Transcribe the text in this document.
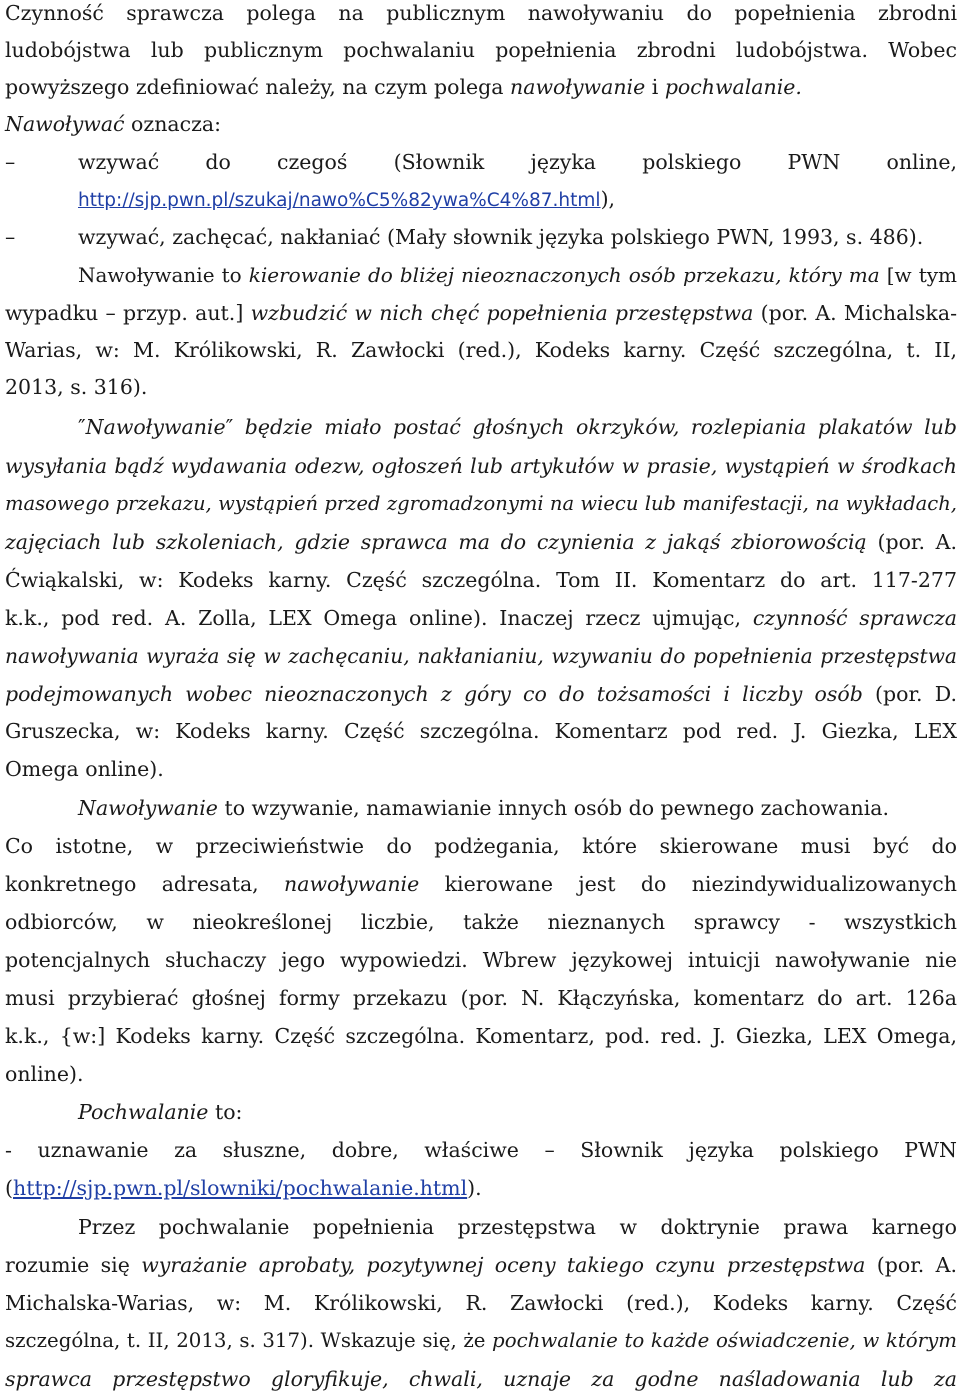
Czynność sprawcza polega na publicznym nawoływaniu do popełnienia zbrodni
ludobójstwa lub publicznym pochwalaniu popełnienia zbrodni ludobójstwa. Wobec
powyższego zdefiniować należy, na czym polega nawoływanie i pochwalanie.
Nawoływać oznacza:
–	wzywać do czegoś (Słownik języka polskiego PWN online,
http://sjp.pwn.pl/szukaj/nawo%C5%82ywa%C4%87.html),
–	wzywać, zachęcać, nakłaniać (Mały słownik języka polskiego PWN, 1993, s. 486).
Nawoływanie to kierowanie do bliżej nieoznaczonych osób przekazu, który ma [w tym
wypadku – przyp. aut.] wzbudzić w nich chęć popełnienia przestępstwa (por. A. Michalska-
Warias, w: M. Królikowski, R. Zawłocki (red.), Kodeks karny. Część szczególna, t. II,
2013, s. 316).
″Nawoływanie″ będzie miało postać głośnych okrzyków, rozlepiania plakatów lub
wysyłania bądź wydawania odezw, ogłoszeń lub artykułów w prasie, wystąpień w środkach
masowego przekazu, wystąpień przed zgromadzonymi na wiecu lub manifestacji, na wykładach,
zajęciach lub szkoleniach, gdzie sprawca ma do czynienia z jakąś zbiorowością (por. A.
Ćwiąkalski, w: Kodeks karny. Część szczególna. Tom II. Komentarz do art. 117-277
k.k., pod red. A. Zolla, LEX Omega online). Inaczej rzecz ujmując, czynność sprawcza
nawoływania wyraża się w zachęcaniu, nakłanianiu, wzywaniu do popełnienia przestępstwa
podejmowanych wobec nieoznaczonych z góry co do tożsamości i liczby osób (por. D.
Gruszecka, w: Kodeks karny. Część szczególna. Komentarz pod red. J. Giezka, LEX
Omega online).
Nawoływanie to wzywanie, namawianie innych osób do pewnego zachowania.
Co istotne, w przeciwieństwie do podżegania, które skierowane musi być do
konkretnego adresata, nawoływanie kierowane jest do niezindywidualizowanych
odbiorców, w nieokreślonej liczbie, także nieznanych sprawcy - wszystkich
potencjalnych słuchaczy jego wypowiedzi. Wbrew językowej intuicji nawoływanie nie
musi przybierać głośnej formy przekazu (por. N. Kłączyńska, komentarz do art. 126a
k.k., {w:] Kodeks karny. Część szczególna. Komentarz, pod. red. J. Giezka, LEX Omega,
online).
Pochwalanie to:
- uznawanie za słuszne, dobre, właściwe – Słownik języka polskiego PWN
(http://sjp.pwn.pl/slowniki/pochwalanie.html).
Przez pochwalanie popełnienia przestępstwa w doktrynie prawa karnego
rozumie się wyrażanie aprobaty, pozytywnej oceny takiego czynu przestępstwa (por. A.
Michalska-Warias, w: M. Królikowski, R. Zawłocki (red.), Kodeks karny. Część
szczególna, t. II, 2013, s. 317). Wskazuje się, że pochwalanie to każde oświadczenie, w którym
sprawca przestępstwo gloryfikuje, chwali, uznaje za godne naśladowania lub za
